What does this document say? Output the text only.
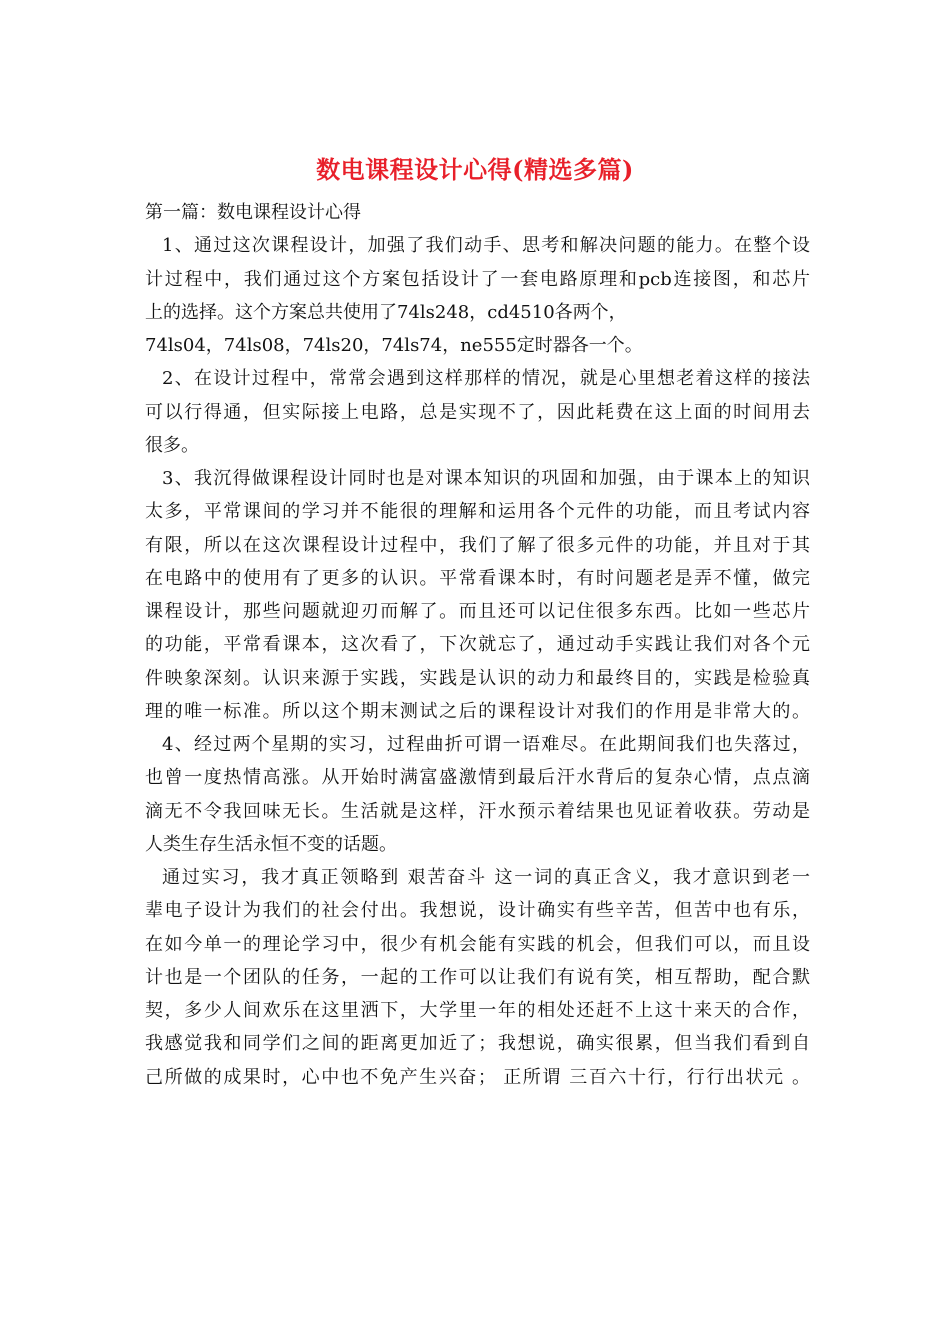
数电课程设计心得(精选多篇)
第一篇：数电课程设计心得
1、通过这次课程设计，加强了我们动手、思考和解决问题的能力。在整个设
计过程中，我们通过这个方案包括设计了一套电路原理和pcb连接图，和芯片
上的选择。这个方案总共使用了74ls248，cd4510各两个，
74ls04，74ls08，74ls20，74ls74，ne555定时器各一个。
2、在设计过程中，常常会遇到这样那样的情况，就是心里想老着这样的接法
可以行得通，但实际接上电路，总是实现不了，因此耗费在这上面的时间用去
很多。
3、我沉得做课程设计同时也是对课本知识的巩固和加强，由于课本上的知识
太多，平常课间的学习并不能很的理解和运用各个元件的功能，而且考试内容
有限，所以在这次课程设计过程中，我们了解了很多元件的功能，并且对于其
在电路中的使用有了更多的认识。平常看课本时，有时问题老是弄不懂，做完
课程设计，那些问题就迎刃而解了。而且还可以记住很多东西。比如一些芯片
的功能，平常看课本，这次看了，下次就忘了，通过动手实践让我们对各个元
件映象深刻。认识来源于实践，实践是认识的动力和最终目的，实践是检验真
理的唯一标准。所以这个期末测试之后的课程设计对我们的作用是非常大的。
4、经过两个星期的实习，过程曲折可谓一语难尽。在此期间我们也失落过，
也曾一度热情高涨。从开始时满富盛激情到最后汗水背后的复杂心情，点点滴
滴无不令我回味无长。生活就是这样，汗水预示着结果也见证着收获。劳动是
人类生存生活永恒不变的话题。
通过实习，我才真正领略到 艰苦奋斗 这一词的真正含义，我才意识到老一
辈电子设计为我们的社会付出。我想说，设计确实有些辛苦，但苦中也有乐，
在如今单一的理论学习中，很少有机会能有实践的机会，但我们可以，而且设
计也是一个团队的任务，一起的工作可以让我们有说有笑，相互帮助，配合默
契，多少人间欢乐在这里洒下，大学里一年的相处还赶不上这十来天的合作，
我感觉我和同学们之间的距离更加近了；我想说，确实很累，但当我们看到自
己所做的成果时，心中也不免产生兴奋； 正所谓 三百六十行，行行出状元 。
